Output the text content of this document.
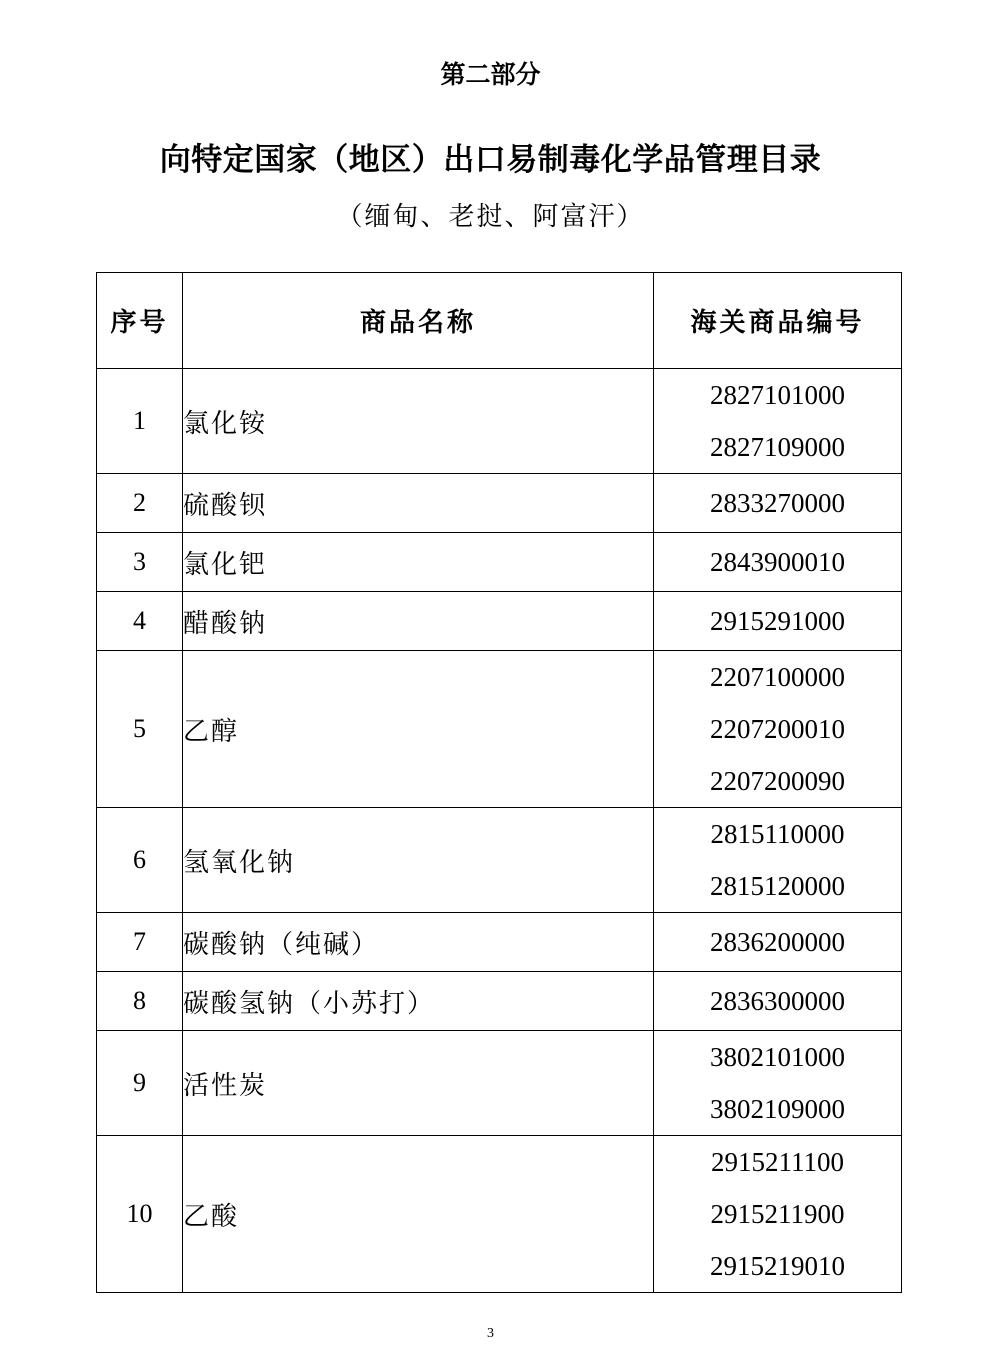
第二部分
向特定国家（地区）出口易制毒化学品管理目录
（缅甸、老挝、阿富汗）
序号	商品名称	海关商品编号
1	氯化铵	2827101000
2827109000

2	硫酸钡	2833270000

3	氯化钯	2843900010

4	醋酸钠	2915291000

5	乙醇	2207100000
2207200010
2207200090

6	氢氧化钠	2815110000
2815120000

7	碳酸钠（纯碱）	2836200000

8	碳酸氢钠（小苏打）	2836300000

9	活性炭	3802101000
3802109000

10	乙酸	2915211100
2915211900
2915219010
3
